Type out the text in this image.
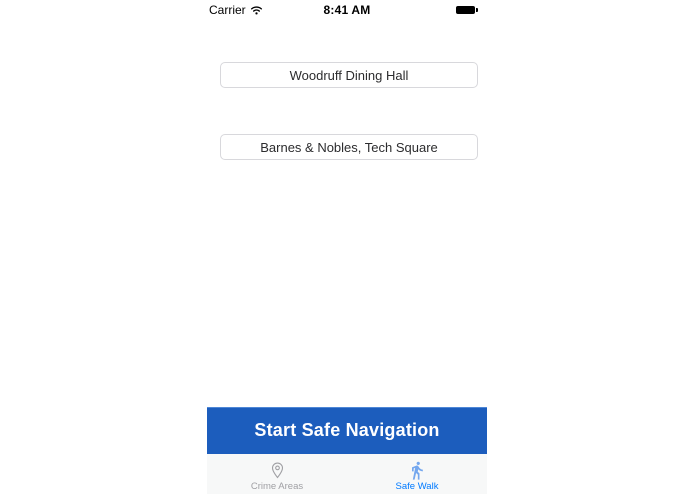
Carrier	8:41 AM
Woodruff Dining Hall
Barnes & Nobles, Tech Square
Start Safe Navigation
Crime Areas	Safe Walk
